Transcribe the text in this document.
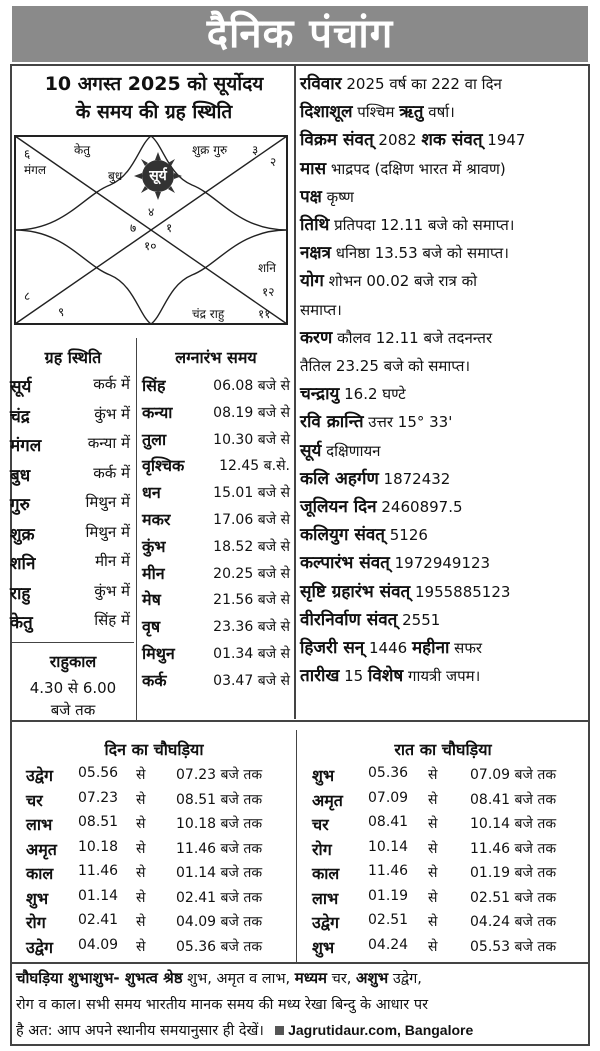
दैनिक पंचांग
10 अगस्त 2025 को सूर्योदय
के समय की ग्रह स्थिति
६
मंगल
केतु
बुध
शुक्र गुरु ३
२
४
७ १
१०
शनि
८
९
१२
चंद्र राहु	११
सूर्य
ग्रह स्थिति
सूर्य	कर्क में
चंद्र	कुंभ में
मंगल	कन्या में
बुध	कर्क में
गुरु	मिथुन में
शुक्र	मिथुन में
शनि	मीन में
राहु	कुंभ में
केतु	सिंह में
लग्नारंभ समय
सिंह	06.08 बजे से
कन्या	08.19 बजे से
तुला	10.30 बजे से
वृश्चिक 12.45 ब.से.
धन	15.01 बजे से
मकर	17.06 बजे से
कुंभ	18.52 बजे से
मीन	20.25 बजे से
मेष	21.56 बजे से
वृष	23.36 बजे से
मिथुन	01.34 बजे से
कर्क	03.47 बजे से
राहुकाल
4.30 से 6.00
बजे तक
रविवार 2025 वर्ष का 222 वा दिन
दिशाशूल पश्चिम ऋतु वर्षा।
विक्रम संवत् 2082 शक संवत् 1947
मास भाद्रपद (दक्षिण भारत में श्रावण)
पक्ष कृष्ण
तिथि प्रतिपदा 12.11 बजे को समाप्त।
नक्षत्र धनिष्ठा 13.53 बजे को समाप्त।
योग शोभन 00.02 बजे रात्र को
समाप्त।
करण कौलव 12.11 बजे तदनन्तर
तैतिल 23.25 बजे को समाप्त।
चन्द्रायु 16.2 घण्टे
रवि क्रान्ति उत्तर 15° 33'
सूर्य दक्षिणायन
कलि अहर्गण 1872432
जूलियन दिन 2460897.5
कलियुग संवत् 5126
कल्पारंभ संवत् 1972949123
सृष्टि ग्रहारंभ संवत् 1955885123
वीरनिर्वाण संवत् 2551
हिजरी सन् 1446 महीना सफर
तारीख 15 विशेष गायत्री जपम।
दिन का चौघड़िया	रात का चौघड़िया
उद्वेग 05.56 से 07.23 बजे तक
चर	07.23 से 08.51 बजे तक
लाभ 08.51 से 10.18 बजे तक
अमृत 10.18 से 11.46 बजे तक
काल 11.46 से 01.14 बजे तक
शुभ 01.14 से 02.41 बजे तक
रोग 02.41 से 04.09 बजे तक
उद्वेग 04.09 से 05.36 बजे तक
शुभ 05.36 से 07.09 बजे तक
अमृत 07.09 से 08.41 बजे तक
चर	08.41 से 10.14 बजे तक
रोग	10.14 से 11.46 बजे तक
काल 11.46 से 01.19 बजे तक
लाभ 01.19 से 02.51 बजे तक
उद्वेग 02.51 से 04.24 बजे तक
शुभ 04.24 से 05.53 बजे तक
चौघड़िया शुभाशुभ- शुभत्व श्रेष्ठ शुभ, अमृत व लाभ, मध्यम चर, अशुभ उद्वेग,
रोग व काल। सभी समय भारतीय मानक समय की मध्य रेखा बिन्दु के आधार पर
है अत: आप अपने स्थानीय समयानुसार ही देखें। Jagrutidaur.com, Bangalore
